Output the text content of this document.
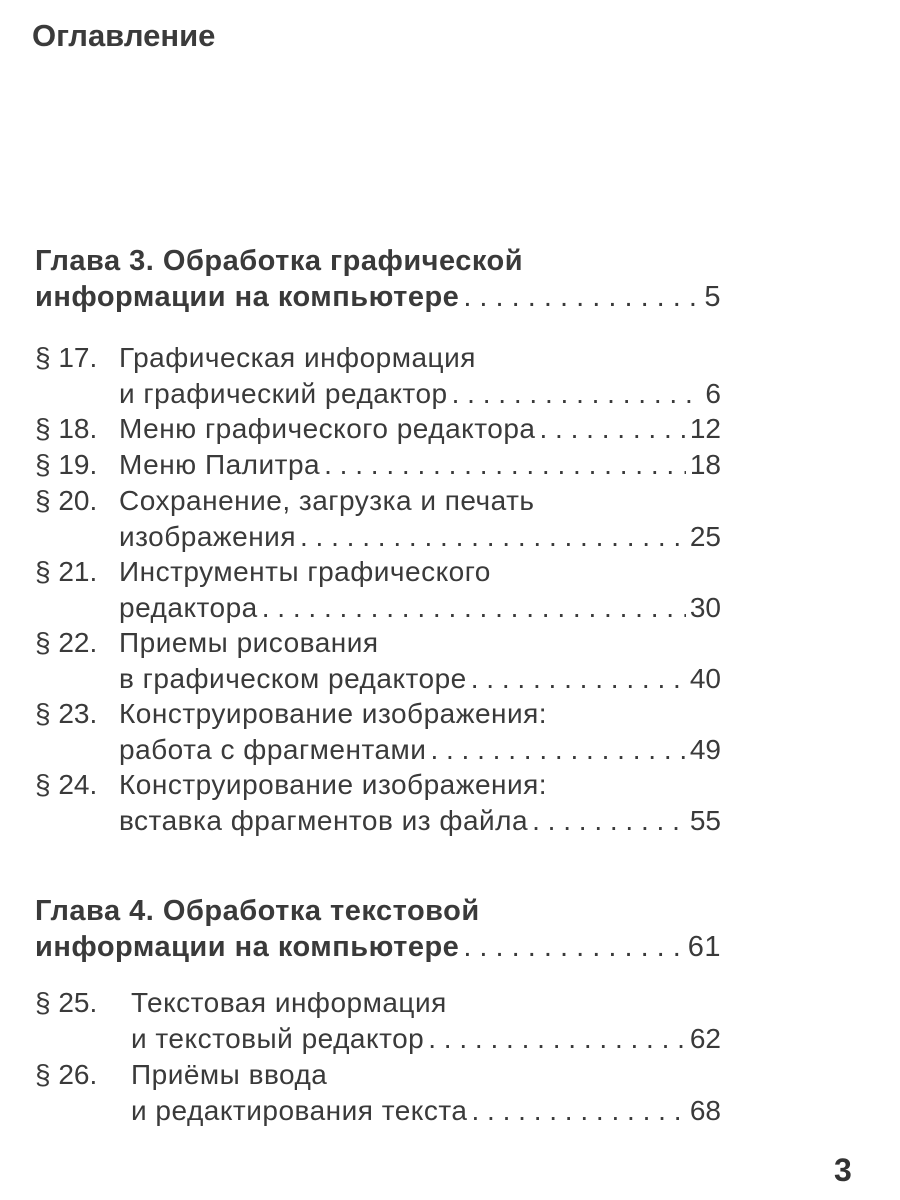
Оглавление
Глава 3. Обработка графической
информации на компьютере . . .	5
§ 17. Графическая информация
и графический редактор . . .	6
§ 18. Меню графического редактора . . .	12
§ 19. Меню Палитра . . .	18
§ 20. Сохранение, загрузка и печать
изображения . . .	25
§ 21. Инструменты графического
редактора . . .	30
§ 22. Приемы рисования
в графическом редакторе . . .	40
§ 23. Конструирование изображения:
работа с фрагментами . . .	49
§ 24. Конструирование изображения:
вставка фрагментов из файла . . .	55
Глава 4. Обработка текстовой
информации на компьютере . . .	61
§ 25.	Текстовая информация
и текстовый редактор . . .	62
§ 26.	Приёмы ввода
и редактирования текста . . .	68
3
